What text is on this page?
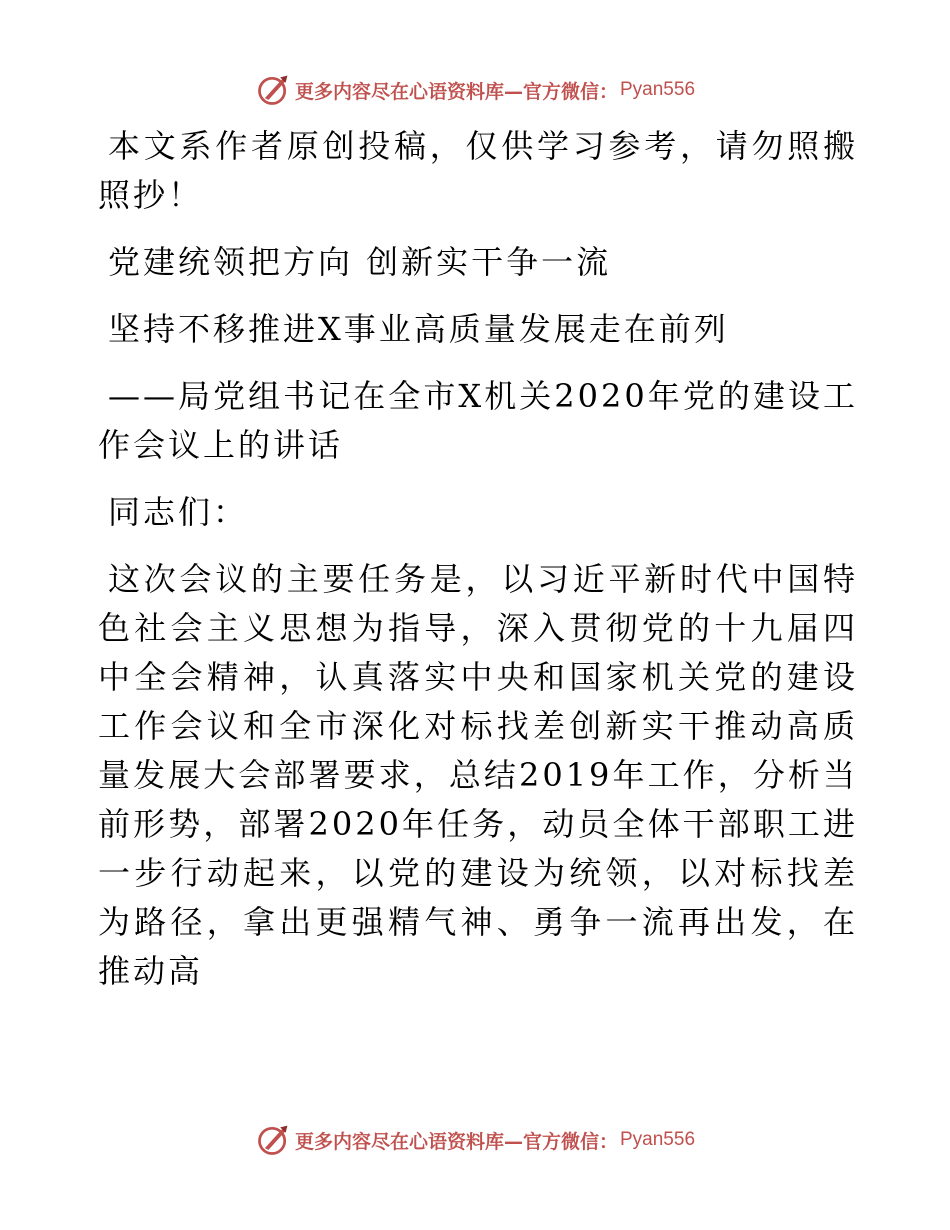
更多内容尽在心语资料库—官方微信： Pyan556

本文系作者原创投稿，仅供学习参考，请勿照搬照抄！

党建统领把方向 创新实干争一流

坚持不移推进X事业高质量发展走在前列

——局党组书记在全市X机关2020年党的建设工作会议上的讲话

同志们：

这次会议的主要任务是，以习近平新时代中国特色社会主义思想为指导，深入贯彻党的十九届四中全会精神，认真落实中央和国家机关党的建设工作会议和全市深化对标找差创新实干推动高质量发展大会部署要求，总结2019年工作，分析当前形势，部署2020年任务，动员全体干部职工进一步行动起来，以党的建设为统领，以对标找差为路径，拿出更强精气神、勇争一流再出发，在推动高

更多内容尽在心语资料库—官方微信： Pyan556
